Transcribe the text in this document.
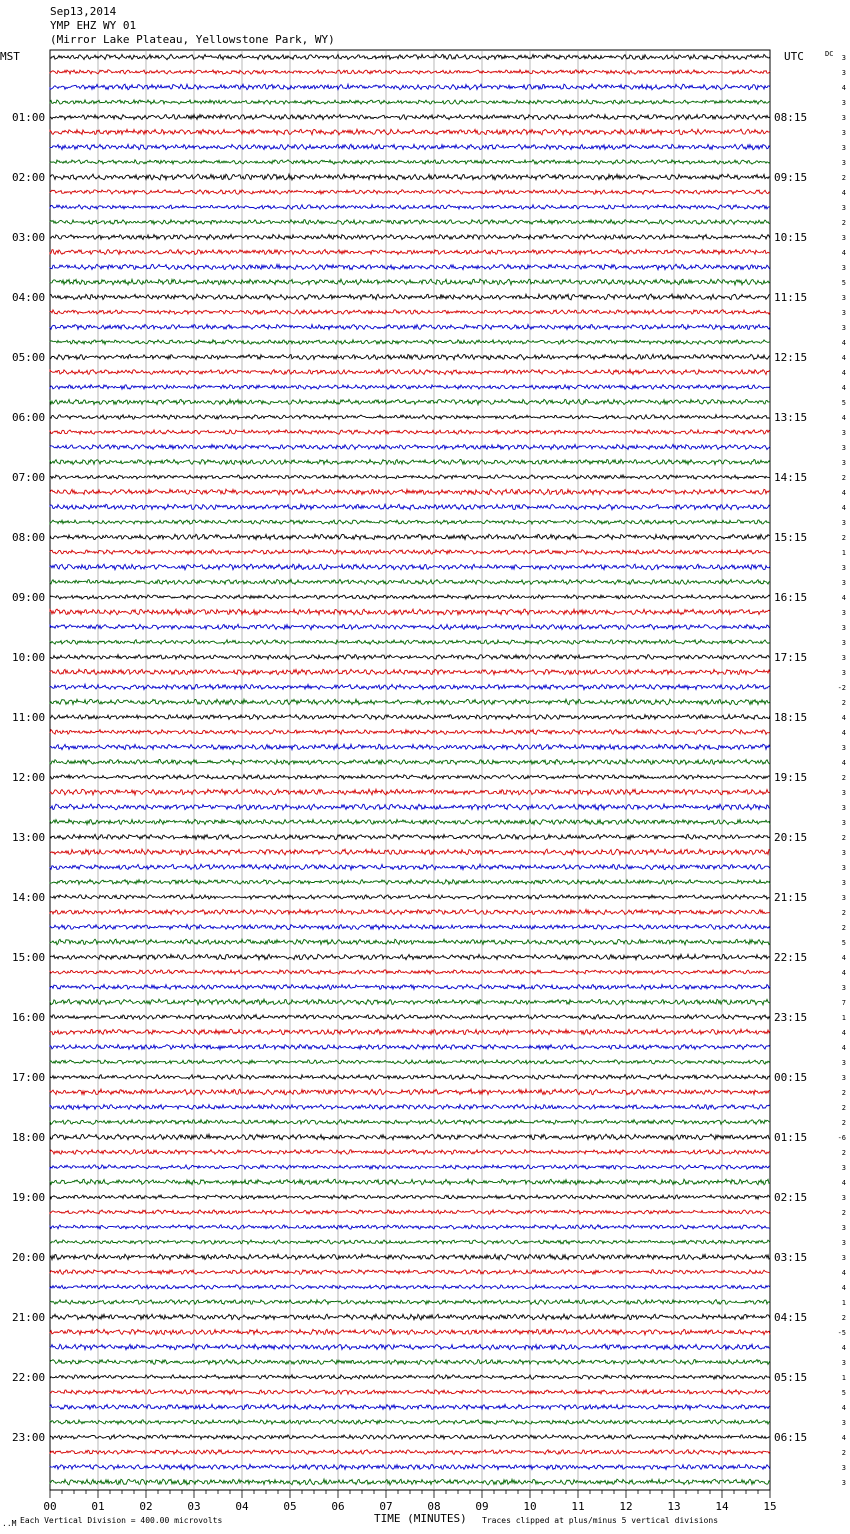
Sep13,2014
YMP EHZ WY 01
(Mirror Lake Plateau, Yellowstone Park, WY)
01:00
02:00
03:00
04:00
05:00
06:00
07:00
08:00
09:00
10:00
11:00
12:00
13:00
14:00
15:00
16:00
17:00
18:00
19:00
20:00
21:00
22:00
23:00
08:15
09:15
10:15
11:15
12:15
13:15
14:15
15:15
16:15
17:15
18:15
19:15
20:15
21:15
22:15
23:15
00:15
01:15
02:15
03:15
04:15
05:15
06:15
3
3
4
3
3
3
3
3
2
4
3
2
3
4
3
5
3
3
3
4
4
4
4
5
4
3
3
3
2
4
4
3
2
1
3
3
4
3
3
3
3
3
-2
2
4
4
3
4
2
3
3
3
2
3
3
3
3
2
2
5
4
4
3
7
1
4
4
3
3
2
2
2
-6
2
3
4
3
2
3
3
3
4
4
1
2
-5
4
3
1
5
4
3
4
2
3
3
00	01	02	03	04	05	06	07	08	09	10	11	12	13	14	15
MST	UTC	DC
..M Each Vertical Division = 400.00 microvolts	TIME (MINUTES) Traces clipped at plus/minus 5 vertical divisions
